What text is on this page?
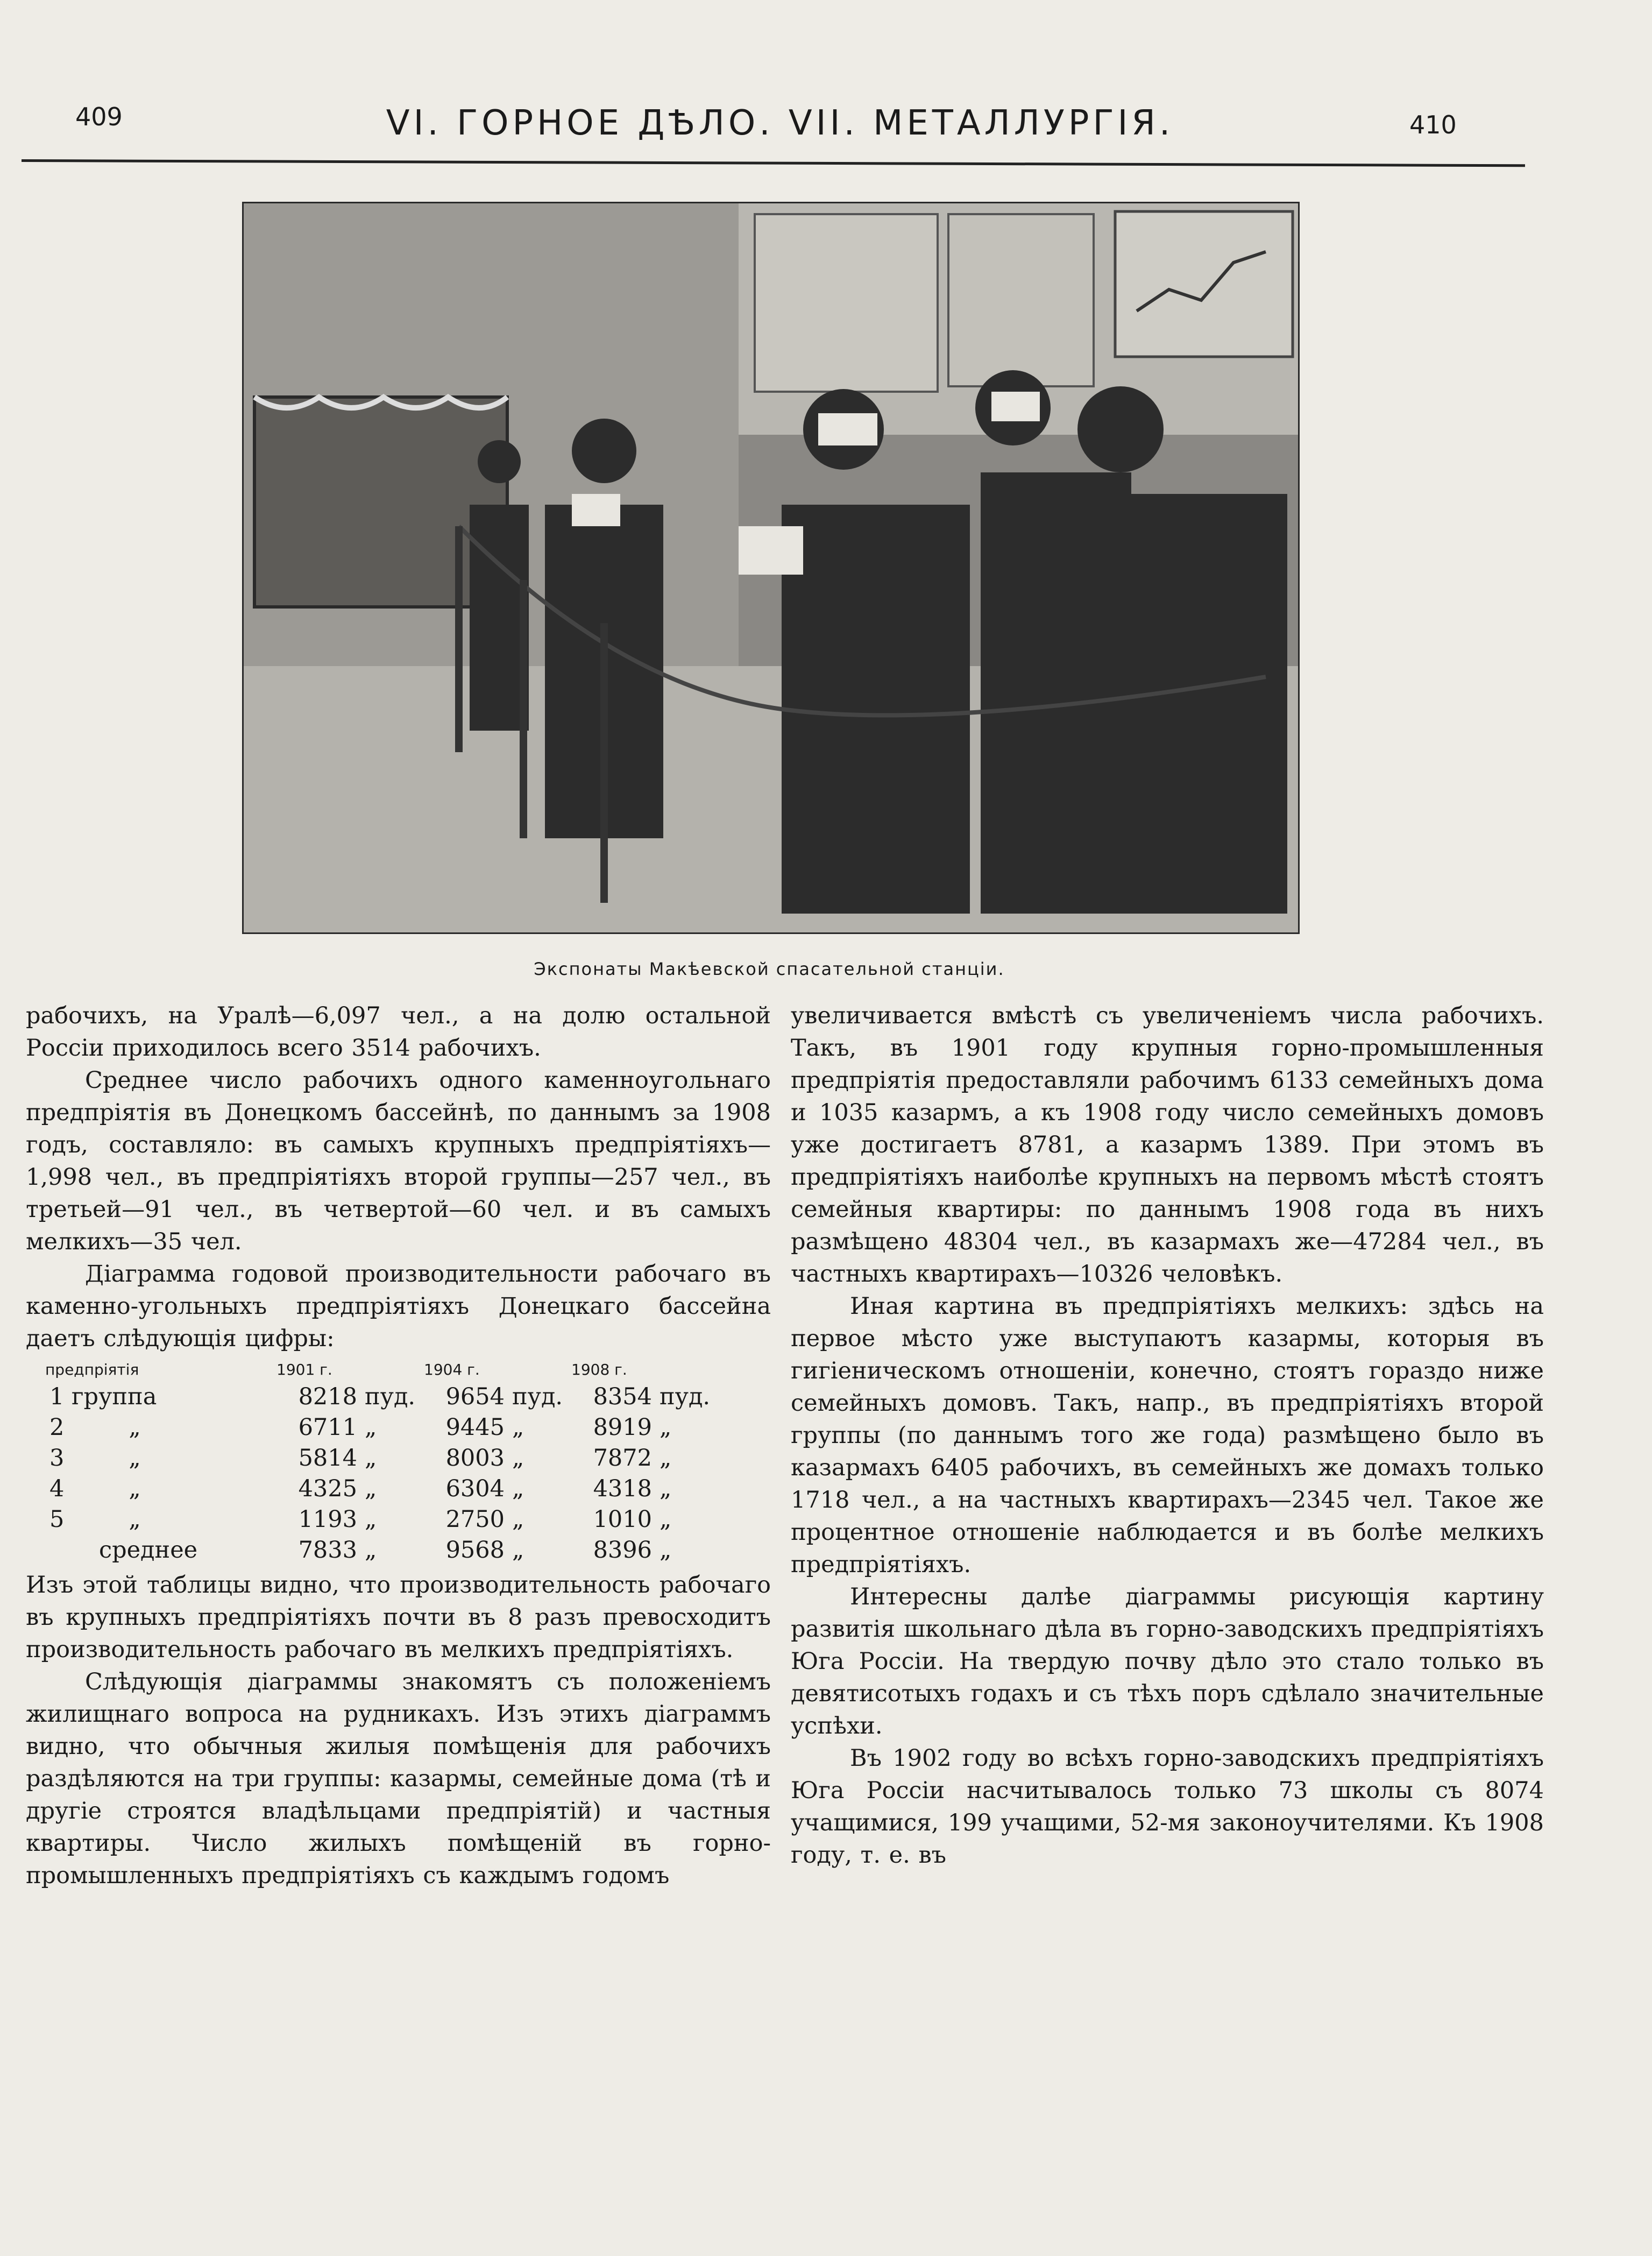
409	VI. ГОРНОЕ ДѢЛО. VII. МЕТАЛЛУРГІЯ.	410
Экспонаты Макѣевской спасательной станціи.

рабочихъ, на Уралѣ—6,097 чел., а на долю остальной Россіи приходилось всего 3514 рабочихъ.

Среднее число рабочихъ одного каменноугольнаго предпріятія въ Донецкомъ бассейнѣ, по даннымъ за 1908 годъ, составляло: въ самыхъ крупныхъ предпріятіяхъ—1,998 чел., въ предпріятіяхъ второй группы—257 чел., въ третьей—91 чел., въ четвертой—60 чел. и въ самыхъ мелкихъ—35 чел.

Діаграмма годовой производительности рабочаго въ каменно-угольныхъ предпріятіяхъ Донецкаго бассейна даетъ слѣдующія цифры:

предпріятія	1901 г.		1904 г.		1908 г.	
1 группа	8218	пуд.	9654	пуд.	8354	пуд.
2 „	6711	„	9445	„	8919	„
3 „	5814	„	8003	„	7872	„
4 „	4325	„	6304	„	4318	„
5 „	1193	„	2750	„	1010	„
среднее	7833	„	9568	„	8396	„

Изъ этой таблицы видно, что производительность рабочаго въ крупныхъ предпріятіяхъ почти въ 8 разъ превосходитъ производительность рабочаго въ мелкихъ предпріятіяхъ.

Слѣдующія діаграммы знакомятъ съ положеніемъ жилищнаго вопроса на рудникахъ. Изъ этихъ діаграммъ видно, что обычныя жилыя помѣщенія для рабочихъ раздѣляются на три группы: казармы, семейные дома (тѣ и другіе строятся владѣльцами предпріятій) и частныя квартиры. Число жилыхъ помѣщеній въ горно-промышленныхъ предпріятіяхъ съ каждымъ годомъ

увеличивается вмѣстѣ съ увеличеніемъ числа рабочихъ. Такъ, въ 1901 году крупныя горно-промышленныя предпріятія предоставляли рабочимъ 6133 семейныхъ дома и 1035 казармъ, а къ 1908 году число семейныхъ домовъ уже достигаетъ 8781, а казармъ 1389. При этомъ въ предпріятіяхъ наиболѣе крупныхъ на первомъ мѣстѣ стоятъ семейныя квартиры: по даннымъ 1908 года въ нихъ размѣщено 48304 чел., въ казармахъ же—47284 чел., въ частныхъ квартирахъ—10326 человѣкъ.

Иная картина въ предпріятіяхъ мелкихъ: здѣсь на первое мѣсто уже выступаютъ казармы, которыя въ гигіеническомъ отношеніи, конечно, стоятъ гораздо ниже семейныхъ домовъ. Такъ, напр., въ предпріятіяхъ второй группы (по даннымъ того же года) размѣщено было въ казармахъ 6405 рабочихъ, въ семейныхъ же домахъ только 1718 чел., а на частныхъ квартирахъ—2345 чел. Такое же процентное отношеніе наблюдается и въ болѣе мелкихъ предпріятіяхъ.

Интересны далѣе діаграммы рисующія картину развитія школьнаго дѣла въ горно-заводскихъ предпріятіяхъ Юга Россіи. На твердую почву дѣло это стало только въ девятисотыхъ годахъ и съ тѣхъ поръ сдѣлало значительные успѣхи.

Въ 1902 году во всѣхъ горно-заводскихъ предпріятіяхъ Юга Россіи насчитывалось только 73 школы съ 8074 учащимися, 199 учащими, 52-мя законоучителями. Къ 1908 году, т. е. въ
